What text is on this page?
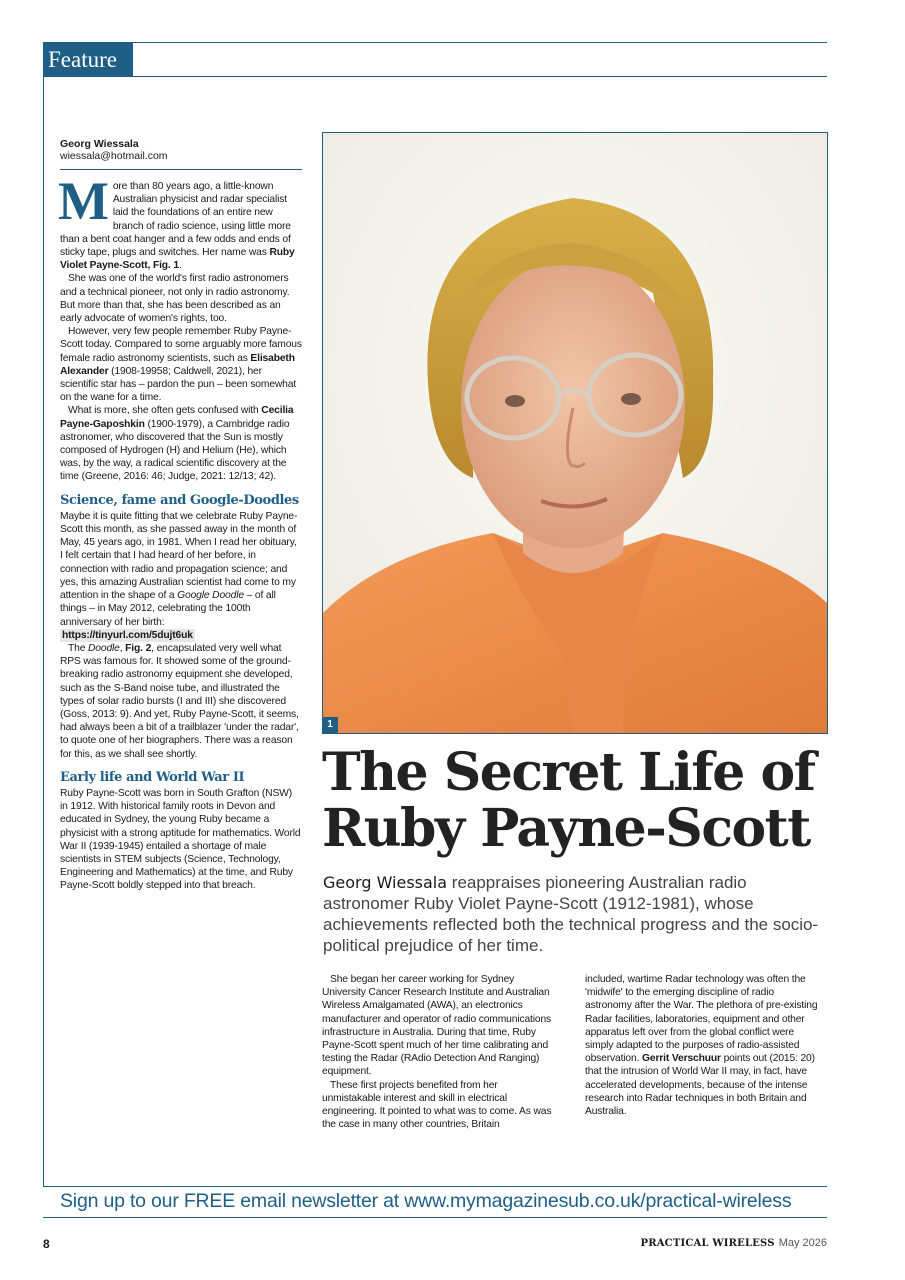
Feature
Georg Wiessala
wiessala@hotmail.com

More than 80 years ago, a little-known Australian physicist and radar specialist laid the foundations of an entire new branch of radio science, using little more than a bent coat hanger and a few odds and ends of sticky tape, plugs and switches. Her name was Ruby Violet Payne-Scott, Fig. 1.

She was one of the world's first radio astronomers and a technical pioneer, not only in radio astronomy. But more than that, she has been described as an early advocate of women's rights, too.

However, very few people remember Ruby Payne-Scott today. Compared to some arguably more famous female radio astronomy scientists, such as Elisabeth Alexander (1908-19958; Caldwell, 2021), her scientific star has – pardon the pun – been somewhat on the wane for a time.

What is more, she often gets confused with Cecilia Payne-Gaposhkin (1900-1979), a Cambridge radio astronomer, who discovered that the Sun is mostly composed of Hydrogen (H) and Helium (He), which was, by the way, a radical scientific discovery at the time (Greene, 2016: 46; Judge, 2021: 12/13; 42).

Science, fame and Google-Doodles

Maybe it is quite fitting that we celebrate Ruby Payne-Scott this month, as she passed away in the month of May, 45 years ago, in 1981. When I read her obituary, I felt certain that I had heard of her before, in connection with radio and propagation science; and yes, this amazing Australian scientist had come to my attention in the shape of a Google Doodle – of all things – in May 2012, celebrating the 100th anniversary of her birth:

https://tinyurl.com/5dujt6uk

The Doodle, Fig. 2, encapsulated very well what RPS was famous for. It showed some of the ground-breaking radio astronomy equipment she developed, such as the S-Band noise tube, and illustrated the types of solar radio bursts (I and III) she discovered (Goss, 2013: 9). And yet, Ruby Payne-Scott, it seems, had always been a bit of a trailblazer 'under the radar', to quote one of her biographers. There was a reason for this, as we shall see shortly.

Early life and World War II

Ruby Payne-Scott was born in South Grafton (NSW) in 1912. With historical family roots in Devon and educated in Sydney, the young Ruby became a physicist with a strong aptitude for mathematics. World War II (1939-1945) entailed a shortage of male scientists in STEM subjects (Science, Technology, Engineering and Mathematics) at the time, and Ruby Payne-Scott boldly stepped into that breach.

1
The Secret Life of Ruby Payne-Scott

Georg Wiessala reappraises pioneering Australian radio astronomer Ruby Violet Payne-Scott (1912-1981), whose achievements reflected both the technical progress and the socio-political prejudice of her time.

She began her career working for Sydney University Cancer Research Institute and Australian Wireless Amalgamated (AWA), an electronics manufacturer and operator of radio communications infrastructure in Australia. During that time, Ruby Payne-Scott spent much of her time calibrating and testing the Radar (RAdio Detection And Ranging) equipment.

These first projects benefited from her unmistakable interest and skill in electrical engineering. It pointed to what was to come. As was the case in many other countries, Britain

included, wartime Radar technology was often the 'midwife' to the emerging discipline of radio astronomy after the War. The plethora of pre-existing Radar facilities, laboratories, equipment and other apparatus left over from the global conflict were simply adapted to the purposes of radio-assisted observation. Gerrit Verschuur points out (2015: 20) that the intrusion of World War II may, in fact, have accelerated developments, because of the intense research into Radar techniques in both Britain and Australia.

Sign up to our FREE email newsletter at www.mymagazinesub.co.uk/practical-wireless
8	PRACTICAL WIRELESS May 2026
